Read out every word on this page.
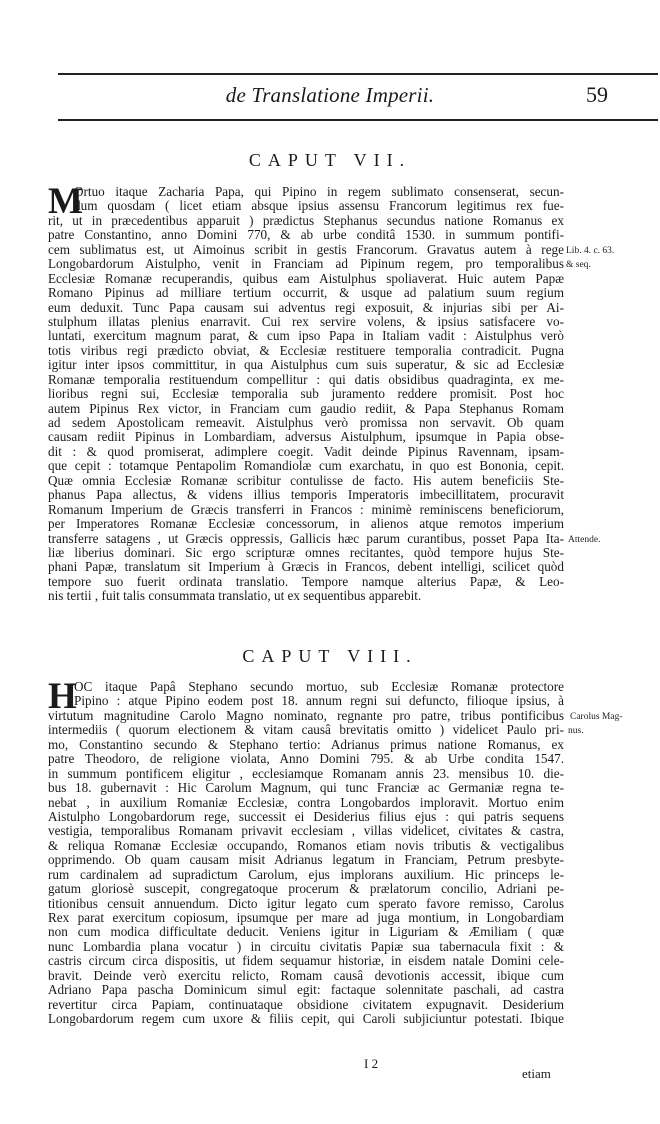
de Translatione Imperii.	59
CAPUT VII.
M
Ortuo itaque Zacharia Papa, qui Pipino in regem sublimato consenserat, secun-
dum quosdam ( licet etiam absque ipsius assensu Francorum legitimus rex fue-
rit, ut in præcedentibus apparuit ) prædictus Stephanus secundus natione Romanus ex
patre Constantino, anno Domini 770, & ab urbe conditâ 1530. in summum pontifi-
cem sublimatus est, ut Aimoinus scribit in gestis Francorum. Gravatus autem à rege
Longobardorum Aistulpho, venit in Franciam ad Pipinum regem, pro temporalibus
Ecclesiæ Romanæ recuperandis, quibus eam Aistulphus spoliaverat. Huic autem Papæ
Romano Pipinus ad milliare tertium occurrit, & usque ad palatium suum regium
eum deduxit. Tunc Papa causam sui adventus regi exposuit, & injurias sibi per Ai-
stulphum illatas plenius enarravit. Cui rex servire volens, & ipsius satisfacere vo-
luntati, exercitum magnum parat, & cum ipso Papa in Italiam vadit : Aistulphus verò
totis viribus regi prædicto obviat, & Ecclesiæ restituere temporalia contradicit. Pugna
igitur inter ipsos committitur, in qua Aistulphus cum suis superatur, & sic ad Ecclesiæ
Romanæ temporalia restituendum compellitur : qui datis obsidibus quadraginta, ex me-
lioribus regni sui, Ecclesiæ temporalia sub juramento reddere promisit. Post hoc
autem Pipinus Rex victor, in Franciam cum gaudio rediit, & Papa Stephanus Romam
ad sedem Apostolicam remeavit. Aistulphus verò promissa non servavit. Ob quam
causam rediit Pipinus in Lombardiam, adversus Aistulphum, ipsumque in Papia obse-
dit : & quod promiserat, adimplere coegit. Vadit deinde Pipinus Ravennam, ipsam-
que cepit : totamque Pentapolim Romandiolæ cum exarchatu, in quo est Bononia, cepit.
Quæ omnia Ecclesiæ Romanæ scribitur contulisse de facto. His autem beneficiis Ste-
phanus Papa allectus, & videns illius temporis Imperatoris imbecillitatem, procuravit
Romanum Imperium de Græcis transferri in Francos : minimè reminiscens beneficiorum,
per Imperatores Romanæ Ecclesiæ concessorum, in alienos atque remotos imperium
transferre satagens , ut Græcis oppressis, Gallicis hæc parum curantibus, posset Papa Ita-
liæ liberius dominari. Sic ergo scripturæ omnes recitantes, quòd tempore hujus Ste-
phani Papæ, translatum sit Imperium à Græcis in Francos, debent intelligi, scilicet quòd
tempore suo fuerit ordinata translatio. Tempore namque alterius Papæ, & Leo-
nis tertii , fuit talis consummata translatio, ut ex sequentibus apparebit.
Lib. 4. c. 63.
& seq.
Attende.
CAPUT VIII.
H
OC itaque Papâ Stephano secundo mortuo, sub Ecclesiæ Romanæ protectore
Pipino : atque Pipino eodem post 18. annum regni sui defuncto, filioque ipsius, à
virtutum magnitudine Carolo Magno nominato, regnante pro patre, tribus pontificibus
intermediis ( quorum electionem & vitam causâ brevitatis omitto ) videlicet Paulo pri-
mo, Constantino secundo & Stephano tertio: Adrianus primus natione Romanus, ex
patre Theodoro, de religione violata, Anno Domini 795. & ab Urbe condita 1547.
in summum pontificem eligitur , ecclesiamque Romanam annis 23. mensibus 10. die-
bus 18. gubernavit : Hic Carolum Magnum, qui tunc Franciæ ac Germaniæ regna te-
nebat , in auxilium Romaniæ Ecclesiæ, contra Longobardos imploravit. Mortuo enim
Aistulpho Longobardorum rege, successit ei Desiderius filius ejus : qui patris sequens
vestigia, temporalibus Romanam privavit ecclesiam , villas videlicet, civitates & castra,
& reliqua Romanæ Ecclesiæ occupando, Romanos etiam novis tributis & vectigalibus
opprimendo. Ob quam causam misit Adrianus legatum in Franciam, Petrum presbyte-
rum cardinalem ad supradictum Carolum, ejus implorans auxilium. Hic princeps le-
gatum gloriosè suscepit, congregatoque procerum & prælatorum concilio, Adriani pe-
titionibus censuit annuendum. Dicto igitur legato cum sperato favore remisso, Carolus
Rex parat exercitum copiosum, ipsumque per mare ad juga montium, in Longobardiam
non cum modica difficultate deducit. Veniens igitur in Liguriam & Æmiliam ( quæ
nunc Lombardia plana vocatur ) in circuitu civitatis Papiæ sua tabernacula fixit : &
castris circum circa dispositis, ut fidem sequamur historiæ, in eisdem natale Domini cele-
bravit. Deinde verò exercitu relicto, Romam causâ devotionis accessit, ibique cum
Adriano Papa pascha Dominicum simul egit: factaque solennitate paschali, ad castra
revertitur circa Papiam, continuataque obsidione civitatem expugnavit. Desiderium
Longobardorum regem cum uxore & filiis cepit, qui Caroli subjiciuntur potestati. Ibique
Carolus Mag-
nus.
I 2
etiam
